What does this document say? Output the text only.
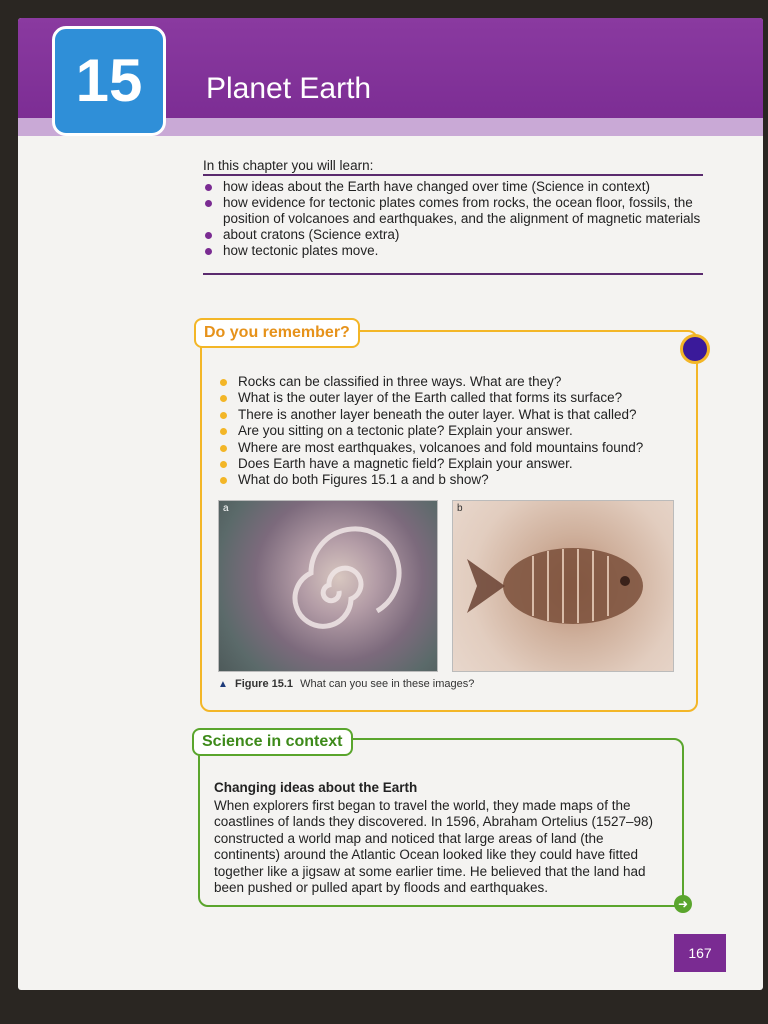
15	Planet Earth
In this chapter you will learn:
how ideas about the Earth have changed over time (Science in context)
how evidence for tectonic plates comes from rocks, the ocean floor, fossils, the position of volcanoes and earthquakes, and the alignment of magnetic materials
about cratons (Science extra)
how tectonic plates move.
Do you remember?
Rocks can be classified in three ways. What are they?
What is the outer layer of the Earth called that forms its surface?
There is another layer beneath the outer layer. What is that called?
Are you sitting on a tectonic plate? Explain your answer.
Where are most earthquakes, volcanoes and fold mountains found?
Does Earth have a magnetic field? Explain your answer.
What do both Figures 15.1 a and b show?
a	b
▲ Figure 15.1 What can you see in these images?
Science in context
Changing ideas about the Earth

When explorers first began to travel the world, they made maps of the coastlines of lands they discovered. In 1596, Abraham Ortelius (1527–98) constructed a world map and noticed that large areas of land (the continents) around the Atlantic Ocean looked like they could have fitted together like a jigsaw at some earlier time. He believed that the land had been pushed or pulled apart by floods and earthquakes.

➜
167
